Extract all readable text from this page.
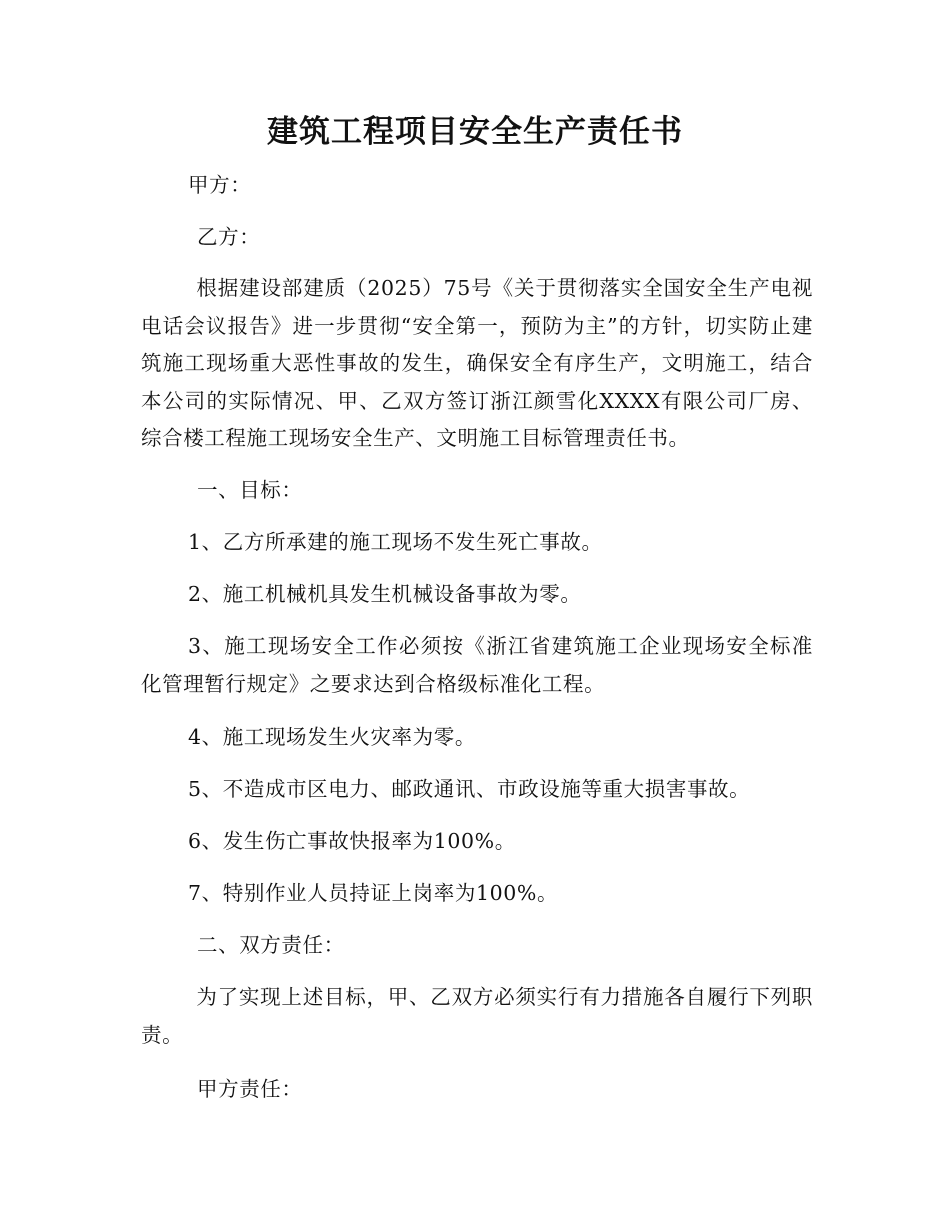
建筑工程项目安全生产责任书
甲方：
乙方：
根据建设部建质（2025）75号《关于贯彻落实全国安全生产电视电话会议报告》进一步贯彻“安全第一，预防为主”的方针，切实防止建筑施工现场重大恶性事故的发生，确保安全有序生产，文明施工，结合本公司的实际情况、甲、乙双方签订浙江颜雪化XXXX有限公司厂房、综合楼工程施工现场安全生产、文明施工目标管理责任书。
一、目标：
1、乙方所承建的施工现场不发生死亡事故。
2、施工机械机具发生机械设备事故为零。
3、施工现场安全工作必须按《浙江省建筑施工企业现场安全标准化管理暂行规定》之要求达到合格级标准化工程。
4、施工现场发生火灾率为零。
5、不造成市区电力、邮政通讯、市政设施等重大损害事故。
6、发生伤亡事故快报率为100%。
7、特别作业人员持证上岗率为100%。
二、双方责任：
为了实现上述目标，甲、乙双方必须实行有力措施各自履行下列职责。
甲方责任：
